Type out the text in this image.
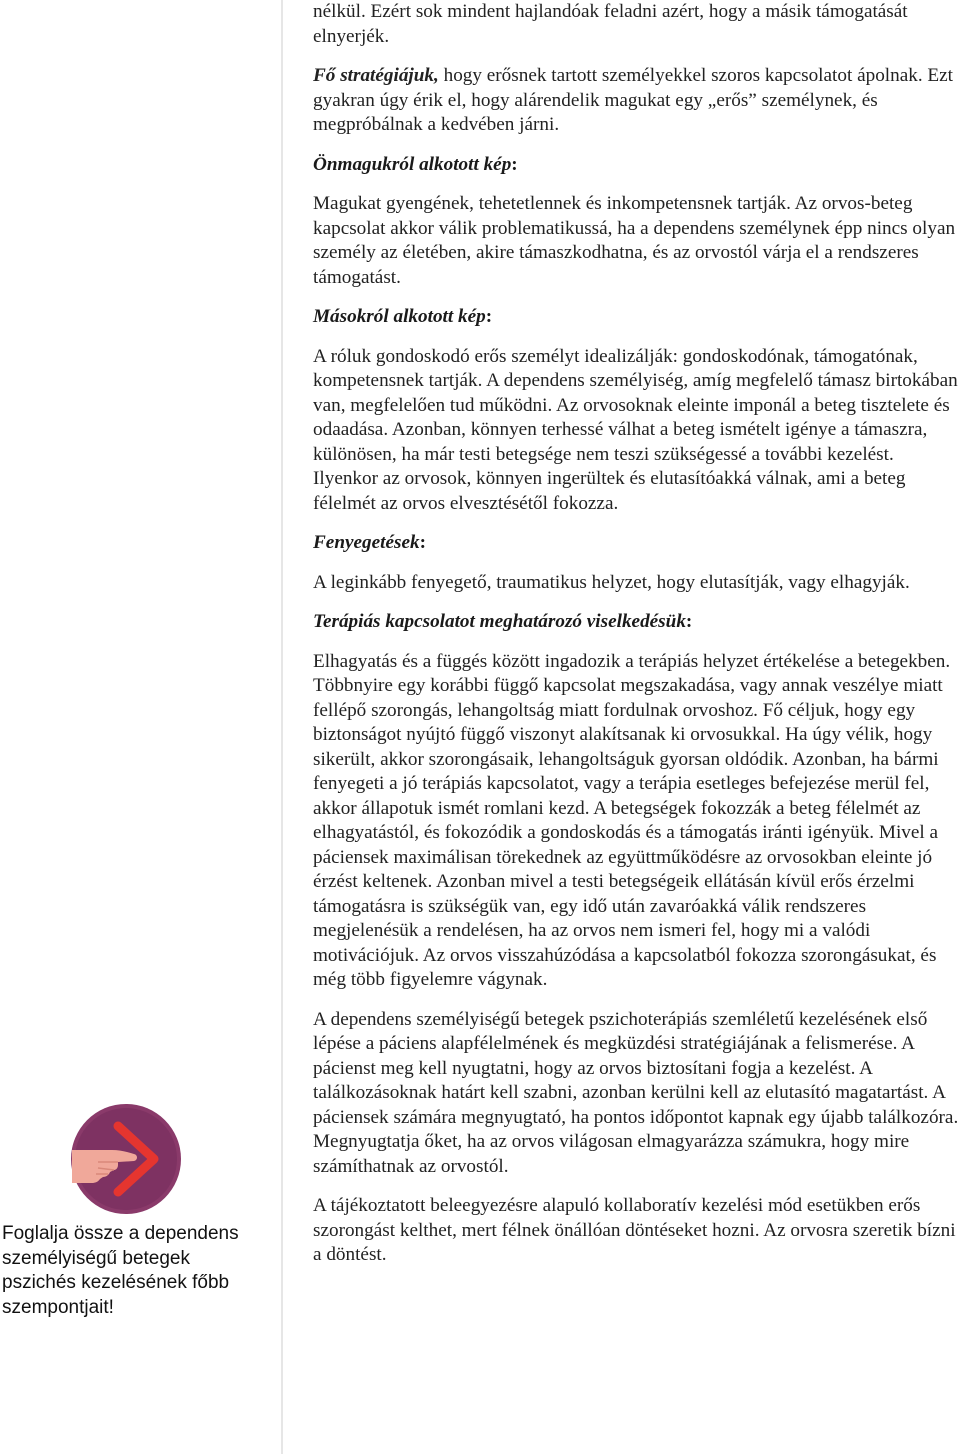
Foglalja össze a dependens személyiségű betegek pszichés kezelésének főbb szempontjait!

nélkül. Ezért sok mindent hajlandóak feladni azért, hogy a másik támogatását elnyerjék.

Fő stratégiájuk, hogy erősnek tartott személyekkel szoros kapcsolatot ápolnak. Ezt gyakran úgy érik el, hogy alárendelik magukat egy „erős” személynek, és megpróbálnak a kedvében járni.

Önmagukról alkotott kép:

Magukat gyengének, tehetetlennek és inkompetensnek tartják. Az orvos-beteg kapcsolat akkor válik problematikussá, ha a dependens személynek épp nincs olyan személy az életében, akire támaszkodhatna, és az orvostól várja el a rendszeres támogatást.

Másokról alkotott kép:

A róluk gondoskodó erős személyt idealizálják: gondoskodónak, támogatónak, kompetensnek tartják. A dependens személyiség, amíg megfelelő támasz birtokában van, megfelelően tud működni. Az orvosoknak eleinte imponál a beteg tisztelete és odaadása. Azonban, könnyen terhessé válhat a beteg ismételt igénye a támaszra, különösen, ha már testi betegsége nem teszi szükségessé a további kezelést. Ilyenkor az orvosok, könnyen ingerültek és elutasítóakká válnak, ami a beteg félelmét az orvos elvesztésétől fokozza.

Fenyegetések:

A leginkább fenyegető, traumatikus helyzet, hogy elutasítják, vagy elhagyják.

Terápiás kapcsolatot meghatározó viselkedésük:

Elhagyatás és a függés között ingadozik a terápiás helyzet értékelése a betegekben. Többnyire egy korábbi függő kapcsolat megszakadása, vagy annak veszélye miatt fellépő szorongás, lehangoltság miatt fordulnak orvoshoz. Fő céljuk, hogy egy biztonságot nyújtó függő viszonyt alakítsanak ki orvosukkal. Ha úgy vélik, hogy sikerült, akkor szorongásaik, lehangoltságuk gyorsan oldódik. Azonban, ha bármi fenyegeti a jó terápiás kapcsolatot, vagy a terápia esetleges befejezése merül fel, akkor állapotuk ismét romlani kezd. A betegségek fokozzák a beteg félelmét az elhagyatástól, és fokozódik a gondoskodás és a támogatás iránti igényük. Mivel a páciensek maximálisan törekednek az együttműködésre az orvosokban eleinte jó érzést keltenek. Azonban mivel a testi betegségeik ellátásán kívül erős érzelmi támogatásra is szükségük van, egy idő után zavaróakká válik rendszeres megjelenésük a rendelésen, ha az orvos nem ismeri fel, hogy mi a valódi motivációjuk. Az orvos visszahúzódása a kapcsolatból fokozza szorongásukat, és még több figyelemre vágynak.

A dependens személyiségű betegek pszichoterápiás szemléletű kezelésének első lépése a páciens alapfélelmének és megküzdési stratégiájának a felismerése. A pácienst meg kell nyugtatni, hogy az orvos biztosítani fogja a kezelést. A találkozásoknak határt kell szabni, azonban kerülni kell az elutasító magatartást. A páciensek számára megnyugtató, ha pontos időpontot kapnak egy újabb találkozóra. Megnyugtatja őket, ha az orvos világosan elmagyarázza számukra, hogy mire számíthatnak az orvostól.

A tájékoztatott beleegyezésre alapuló kollaboratív kezelési mód esetükben erős szorongást kelthet, mert félnek önállóan döntéseket hozni. Az orvosra szeretik bízni a döntést.
